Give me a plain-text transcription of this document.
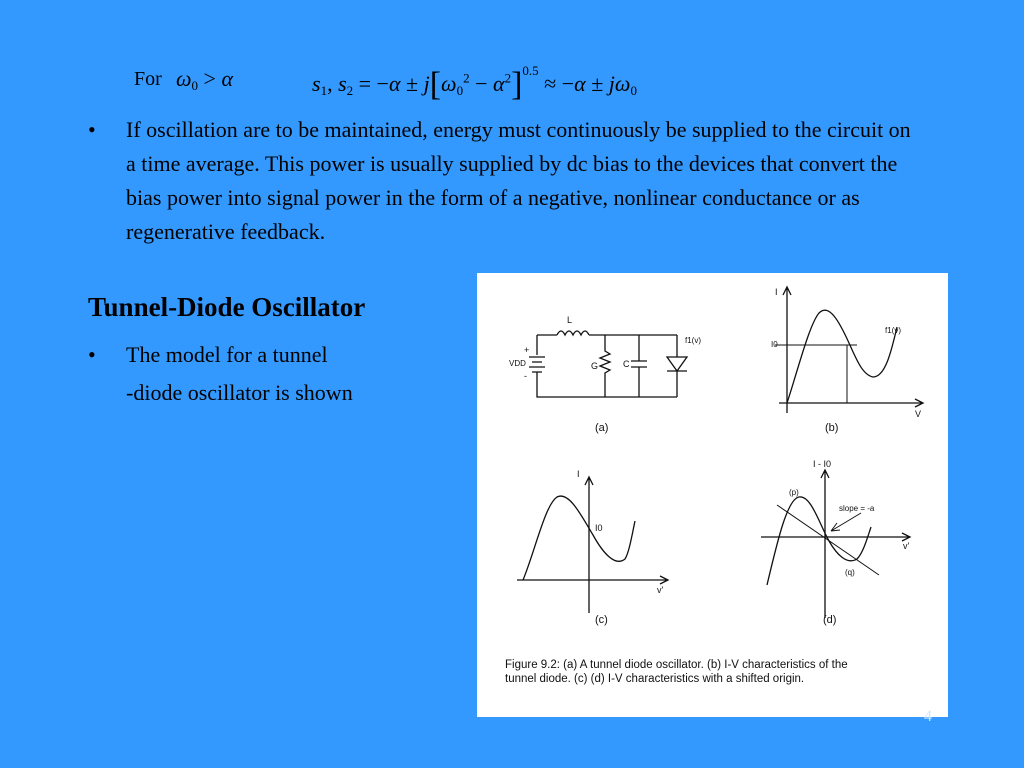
For $\omega_0 > \alpha$	$s_1$, $s_2 = -\alpha \pm j[\omega_0^2 - \alpha^2]^{0.5} \approx -\alpha \pm j\omega_0$
• If oscillation are to be maintained, energy must continuously be supplied to the circuit on a time average. This power is usually supplied by dc bias to the devices that convert the bias power into signal power in the form of a negative, nonlinear conductance or as regenerative feedback.
Tunnel-Diode Oscillator
• The model for a tunnel
-diode oscillator is shown
L
G	C
VDD
+
-
f1(v)
(a)
I
V
I0
f1(v)
(b)
I
v'
I0
(c)
I - I0
v'
(p)
(q)
slope = -a
(d)
Figure 9.2: (a) A tunnel diode oscillator. (b) I-V characteristics of the
tunnel diode. (c) (d) I-V characteristics with a shifted origin.
4
